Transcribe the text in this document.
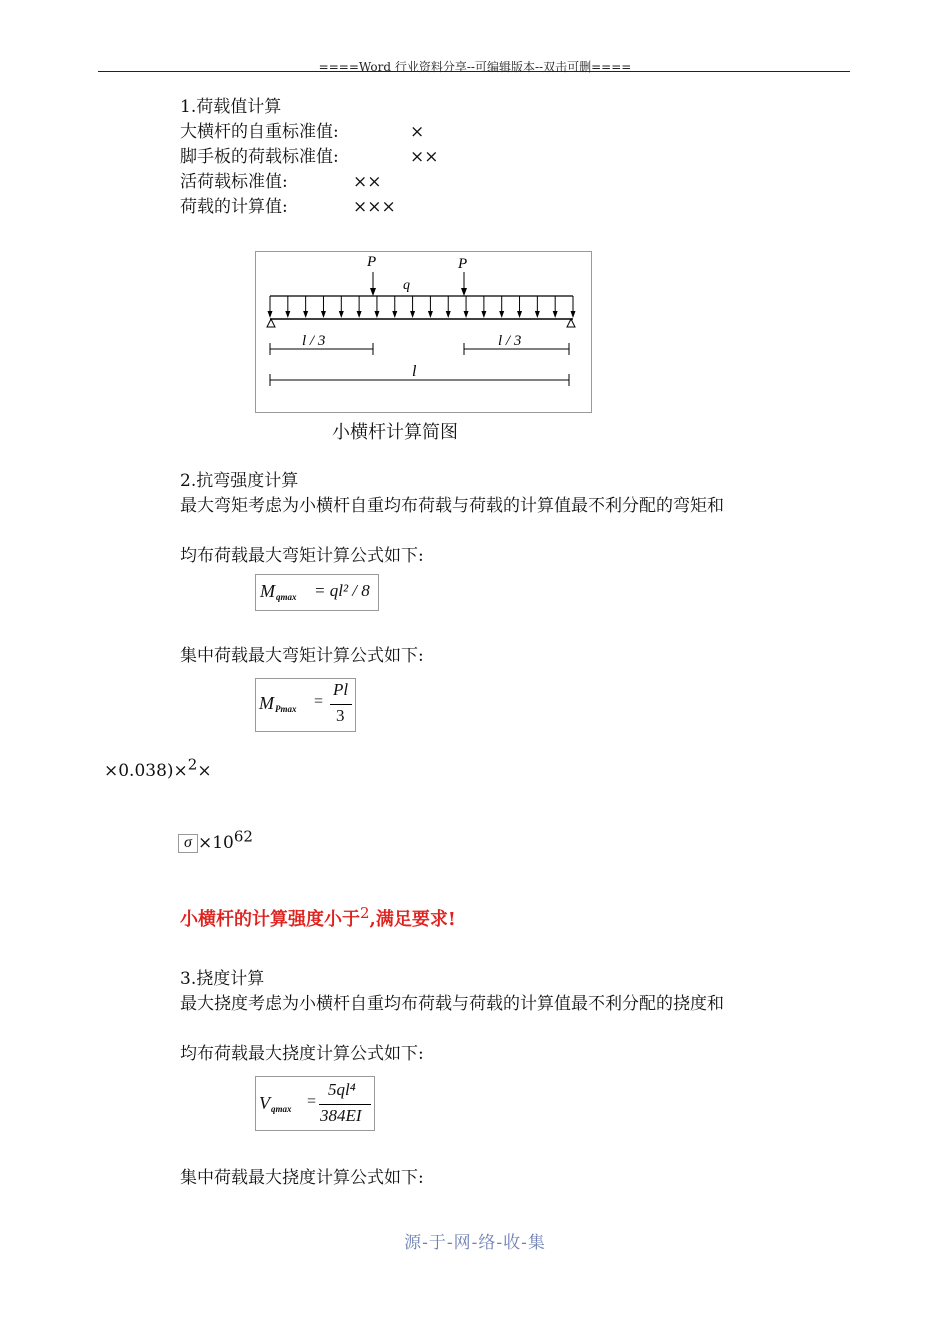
====Word 行业资料分享--可编辑版本--双击可删====
1.荷载值计算
大横杆的自重标准值:	×
脚手板的荷载标准值:	××
活荷载标准值:	××
荷载的计算值:	×××
P	P
q
l / 3	l / 3
l
小横杆计算简图
2.抗弯强度计算
最大弯矩考虑为小横杆自重均布荷载与荷载的计算值最不利分配的弯矩和
均布荷载最大弯矩计算公式如下:
M qmax = ql² / 8
集中荷载最大弯矩计算公式如下:
M Pmax =
Pl
3
×0.038)×$^2$×
$\sigma \times 10^{62}$
小横杆的计算强度小于$^2$,满足要求!
3.挠度计算
最大挠度考虑为小横杆自重均布荷载与荷载的计算值最不利分配的挠度和
均布荷载最大挠度计算公式如下:
V qmax =
5ql⁴
384EI
集中荷载最大挠度计算公式如下:
源-于-网-络-收-集
